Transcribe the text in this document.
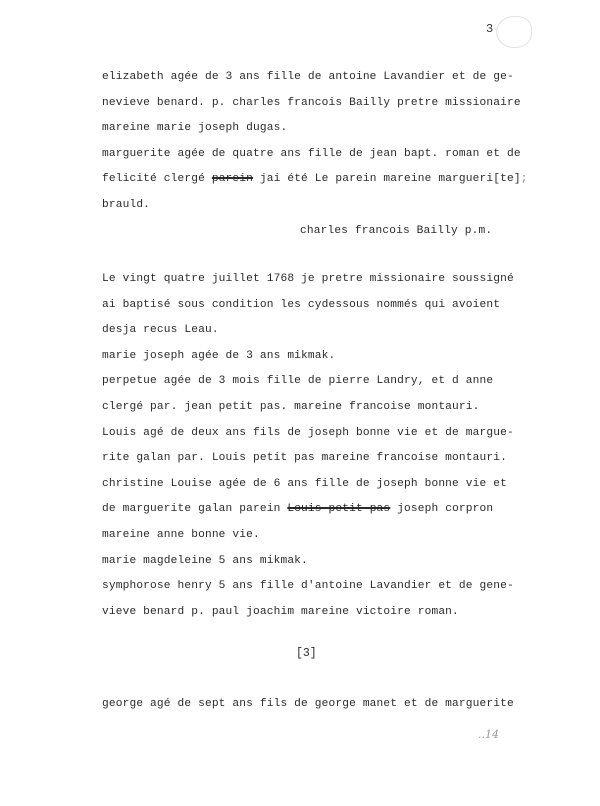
3
elizabeth agée de 3 ans fille de antoine Lavandier et de ge-
nevieve benard. p. charles francois Bailly pretre missionaire
mareine marie joseph dugas.
marguerite agée de quatre ans fille de jean bapt. roman et de
felicité clergé parein jai été Le parein mareine margueri[te];
brauld.
charles francois Bailly p.m.
Le vingt quatre juillet 1768 je pretre missionaire soussigné
ai baptisé sous condition les cydessous nommés qui avoient
desja recus Leau.
marie joseph agée de 3 ans mikmak.
perpetue agée de 3 mois fille de pierre Landry, et d anne
clergé par. jean petit pas. mareine francoise montauri.
Louis agé de deux ans fils de joseph bonne vie et de margue-
rite galan par. Louis petit pas mareine francoise montauri.
christine Louise agée de 6 ans fille de joseph bonne vie et
de marguerite galan parein Louis petit pas joseph corpron
mareine anne bonne vie.
marie magdeleine 5 ans mikmak.
symphorose henry 5 ans fille d'antoine Lavandier et de gene-
vieve benard p. paul joachim mareine victoire roman.
[3]
george agé de sept ans fils de george manet et de marguerite
..14
